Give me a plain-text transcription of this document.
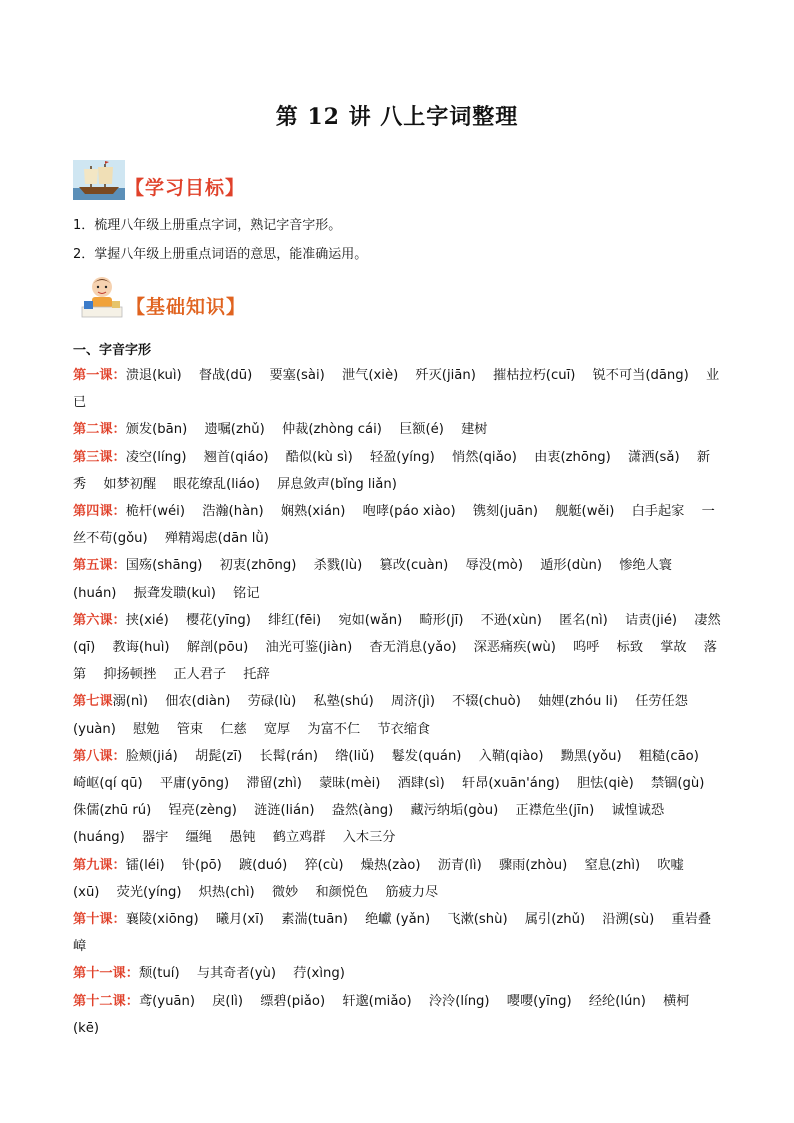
第 12 讲 八上字词整理
【学习目标】
1．梳理八年级上册重点字词，熟记字音字形。
2．掌握八年级上册重点词语的意思，能准确运用。
【基础知识】
一、字音字形
第一课：溃退(kuì) 督战(dū) 要塞(sài) 泄气(xiè) 歼灭(jiān) 摧枯拉朽(cuī) 锐不可当(dāng) 业已
第二课：颁发(bān) 遗嘱(zhǔ) 仲裁(zhòng cái) 巨额(é) 建树
第三课：凌空(líng) 翘首(qiáo) 酷似(kù sì) 轻盈(yíng) 悄然(qiǎo) 由衷(zhōng) 潇洒(sǎ) 新秀 如梦初醒 眼花缭乱(liáo) 屏息敛声(bǐng liǎn)
第四课：桅杆(wéi) 浩瀚(hàn) 娴熟(xián) 咆哮(páo xiào) 镌刻(juān) 舰艇(wěi) 白手起家 一丝不苟(gǒu) 殚精竭虑(dān lǜ)
第五课：国殇(shāng) 初衷(zhōng) 杀戮(lù) 篡改(cuàn) 辱没(mò) 遁形(dùn) 惨绝人寰(huán) 振聋发聩(kuì) 铭记
第六课：挟(xié) 樱花(yīng) 绯红(fēi) 宛如(wǎn) 畸形(jī) 不逊(xùn) 匿名(nì) 诘责(jié) 凄然(qī) 教诲(huì) 解剖(pōu) 油光可鉴(jiàn) 杳无消息(yǎo) 深恶痛疾(wù) 呜呼 标致 掌故 落第 抑扬顿挫 正人君子 托辞
第七课溺(nì) 佃农(diàn) 劳碌(lù) 私塾(shú) 周济(jì) 不辍(chuò) 妯娌(zhóu li) 任劳任怨(yuàn) 慰勉 管束 仁慈 宽厚 为富不仁 节衣缩食
第八课：脸颊(jiá) 胡髭(zī) 长髯(rán) 绺(liǔ) 鬈发(quán) 入鞘(qiào) 黝黑(yǒu) 粗糙(cāo) 崎岖(qí qū) 平庸(yōng) 滞留(zhì) 蒙昧(mèi) 酒肆(sì) 轩昂(xuān'áng) 胆怯(qiè) 禁锢(gù) 侏儒(zhū rú) 锃亮(zèng) 涟涟(lián) 盎然(àng) 藏污纳垢(gòu) 正襟危坐(jīn) 诚惶诚恐(huáng) 器宇 缰绳 愚钝 鹤立鸡群 入木三分
第九课：镭(léi) 钋(pō) 踱(duó) 猝(cù) 燥热(zào) 沥青(lì) 骤雨(zhòu) 窒息(zhì) 吹嘘(xū) 荧光(yíng) 炽热(chì) 微妙 和颜悦色 筋疲力尽
第十课：襄陵(xiōng) 曦月(xī) 素湍(tuān) 绝巘 (yǎn) 飞漱(shù) 属引(zhǔ) 沿溯(sù) 重岩叠嶂
第十一课：颓(tuí) 与其奇者(yù) 荇(xìng)
第十二课：鸢(yuān) 戾(lì) 缥碧(piǎo) 轩邈(miǎo) 泠泠(líng) 嘤嘤(yīng) 经纶(lún) 横柯(kē)
